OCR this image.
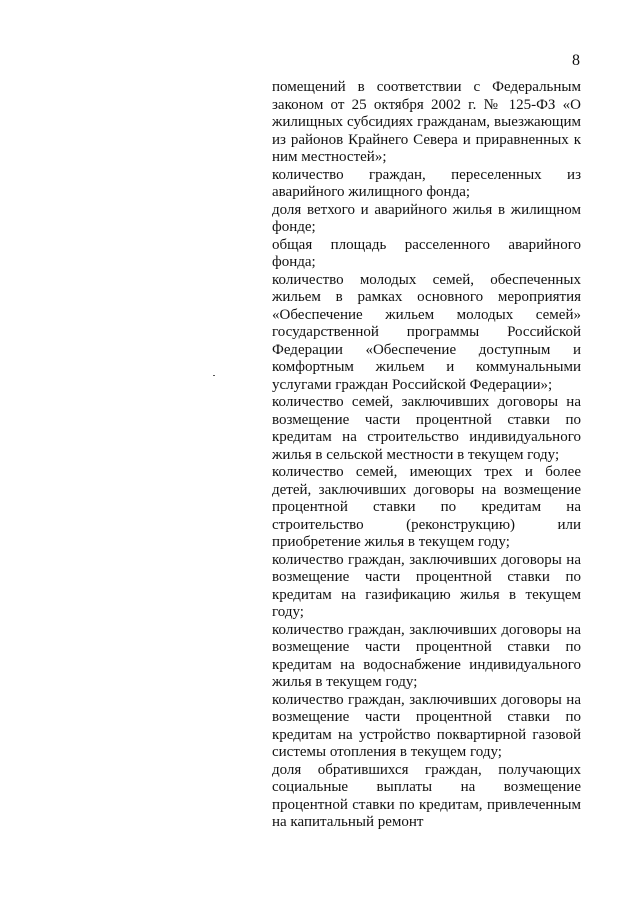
8

помещений в соответствии с Федеральным законом от 25 октября 2002 г. № 125-ФЗ «О жилищных субсидиях гражданам, выезжающим из районов Крайнего Севера и приравненных к ним местностей»;

количество граждан, переселенных из аварийного жилищного фонда;

доля ветхого и аварийного жилья в жилищном фонде;

общая площадь расселенного аварийного фонда;

количество молодых семей, обеспеченных жильем в рамках основного мероприятия «Обеспечение жильем молодых семей» государственной программы Российской Федерации «Обеспечение доступным и комфортным жильем и коммунальными услугами граждан Российской Федерации»;

количество семей, заключивших договоры на возмещение части процентной ставки по кредитам на строительство индивидуального жилья в сельской местности в текущем году;

количество семей, имеющих трех и более детей, заключивших договоры на возмещение процентной ставки по кредитам на строительство (реконструкцию) или приобретение жилья в текущем году;

количество граждан, заключивших договоры на возмещение части процентной ставки по кредитам на газификацию жилья в текущем году;

количество граждан, заключивших договоры на возмещение части процентной ставки по кредитам на водоснабжение индивидуального жилья в текущем году;

количество граждан, заключивших договоры на возмещение части процентной ставки по кредитам на устройство поквартирной газовой системы отопления в текущем году;

доля обратившихся граждан, получающих социальные выплаты на возмещение процентной ставки по кредитам, привлеченным на капитальный ремонт
